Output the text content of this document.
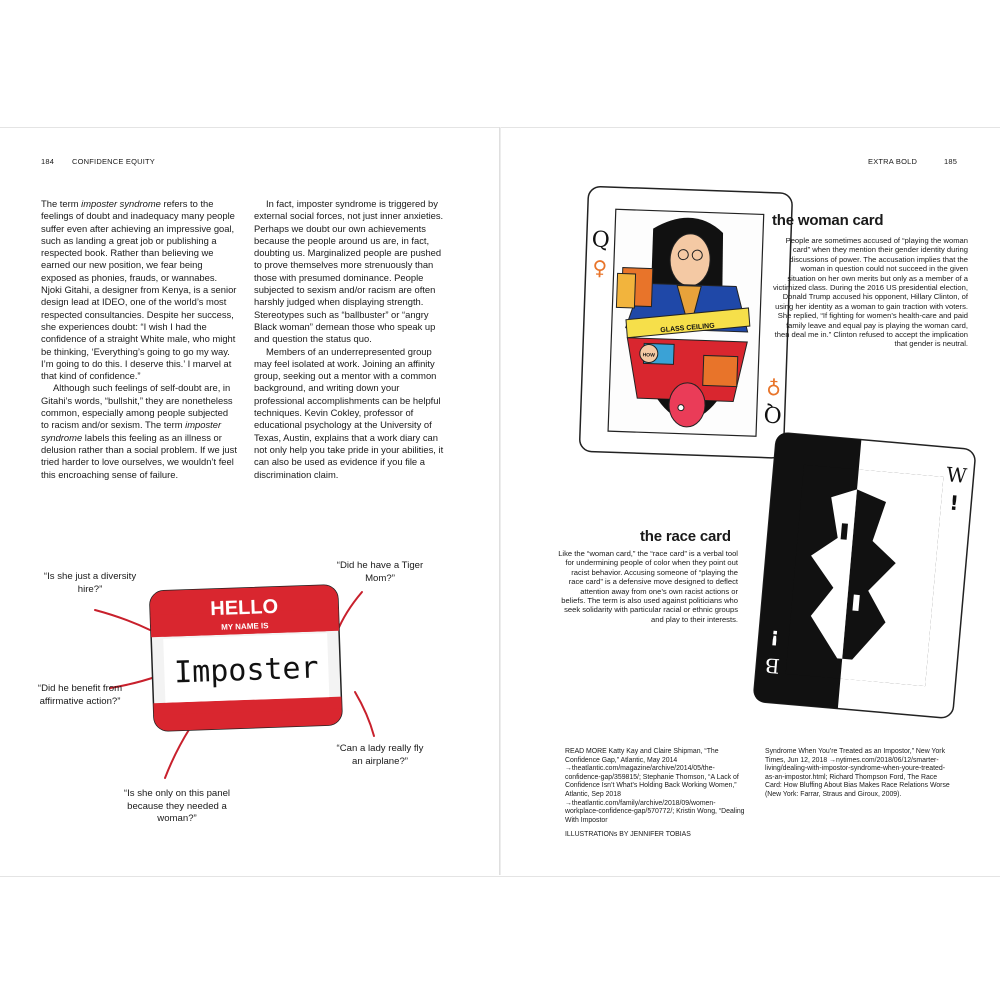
184 CONFIDENCE EQUITY

The term imposter syndrome refers to the feelings of doubt and inadequacy many people suffer even after achieving an impressive goal, such as landing a great job or publishing a respected book. Rather than believing we earned our new position, we fear being exposed as phonies, frauds, or wannabes. Njoki Gitahi, a designer from Kenya, is a senior design lead at IDEO, one of the world’s most respected consultancies. Despite her success, she experiences doubt: “I wish I had the confidence of a straight White male, who might be thinking, ‘Everything’s going to go my way. I’m going to do this. I deserve this.’ I marvel at that kind of confidence.”

Although such feelings of self-doubt are, in Gitahi’s words, “bullshit,” they are nonetheless common, especially among people subjected to racism and/or sexism. The term imposter syndrome labels this feeling as an illness or delusion rather than a social problem. If we just tried harder to love ourselves, we wouldn’t feel this encroaching sense of failure.

In fact, imposter syndrome is triggered by external social forces, not just inner anxieties. Perhaps we doubt our own achievements because the people around us are, in fact, doubting us. Marginalized people are pushed to prove themselves more strenuously than those with presumed dominance. People subjected to sexism and/or racism are often harshly judged when displaying strength. Stereotypes such as “ballbuster” or “angry Black woman” demean those who speak up and question the status quo.

Members of an underrepresented group may feel isolated at work. Joining an affinity group, seeking out a mentor with a common background, and writing down your professional accomplishments can be helpful techniques. Kevin Cokley, professor of educational psychology at the University of Texas, Austin, explains that a work diary can not only help you take pride in your abilities, it can also be used as evidence if you file a discrimination claim.

HELLO
MY NAME IS
Imposter
“Is she just a diversity hire?”
“Did he have a Tiger Mom?”
“Did he benefit from affirmative action?”
“Can a lady really fly an airplane?”
“Is she only on this panel because they needed a woman?”
EXTRA BOLD	185
GLASS CEILING
HOW
Q
♀
♀
Q
W
!
B
!
the woman card
People are sometimes accused of “playing the woman card” when they mention their gender identity during discussions of power. The accusation implies that the woman in question could not succeed in the given situation on her own merits but only as a member of a victimized class. During the 2016 US presidential election, Donald Trump accused his opponent, Hillary Clinton, of using her identity as a woman to gain traction with voters. She replied, “If fighting for women’s health-care and paid family leave and equal pay is playing the woman card, then deal me in.” Clinton refused to accept the implication that gender is neutral.
the race card
Like the “woman card,” the “race card” is a verbal tool for undermining people of color when they point out racist behavior. Accusing someone of “playing the race card” is a defensive move designed to deflect attention away from one’s own racist actions or beliefs. The term is also used against politicians who seek solidarity with particular racial or ethnic groups and play to their interests.
READ MORE Katty Kay and Claire Shipman, “The Confidence Gap,” Atlantic, May 2014 →theatlantic.com/magazine/archive/2014/05/the-confidence-gap/359815/; Stephanie Thomson, “A Lack of Confidence Isn’t What’s Holding Back Working Women,” Atlantic, Sep 2018 →theatlantic.com/family/archive/2018/09/women-workplace-confidence-gap/570772/; Kristin Wong, “Dealing With Impostor
Syndrome When You’re Treated as an Impostor,” New York Times, Jun 12, 2018 →nytimes.com/2018/06/12/smarter-living/dealing-with-impostor-syndrome-when-youre-treated-as-an-impostor.html; Richard Thompson Ford, The Race Card: How Bluffing About Bias Makes Race Relations Worse (New York: Farrar, Straus and Giroux, 2009).
ILLUSTRATIONs BY JENNIFER TOBIAS
